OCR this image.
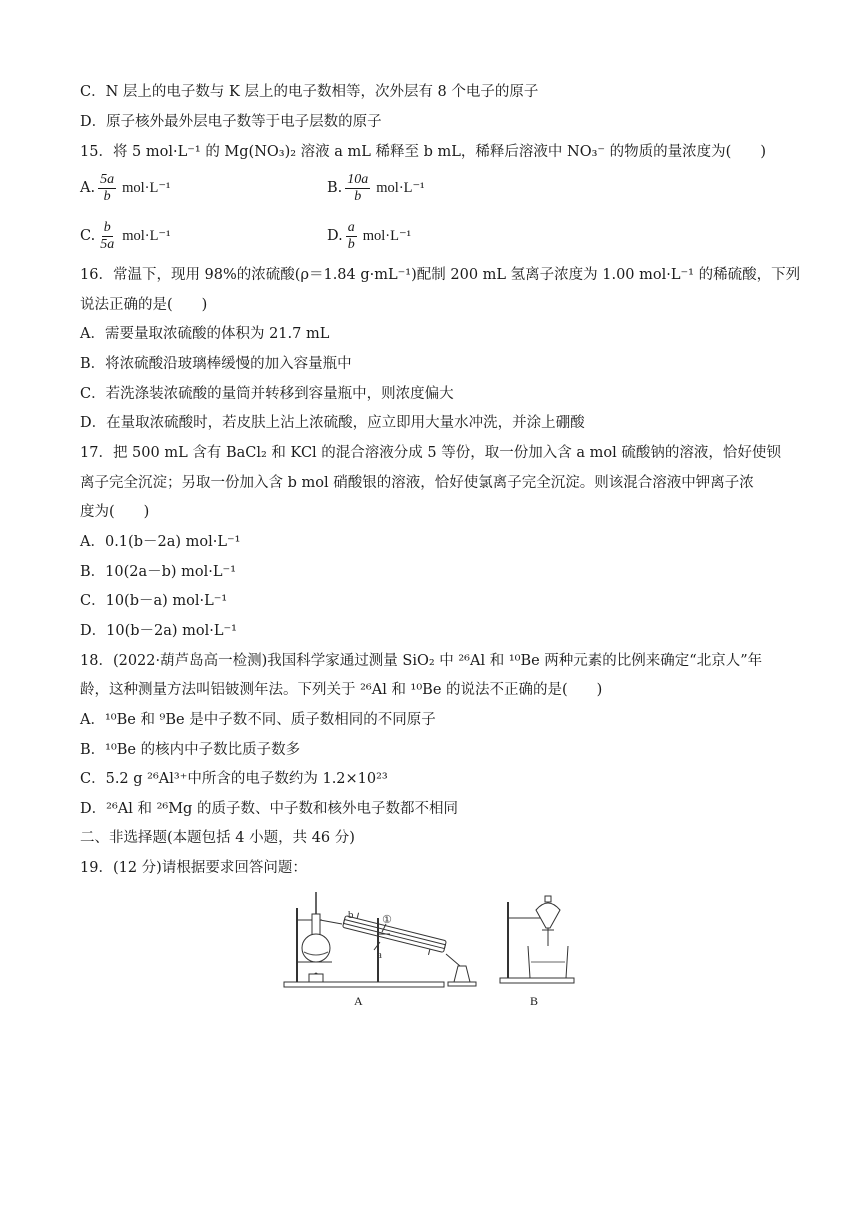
C．N 层上的电子数与 K 层上的电子数相等，次外层有 8 个电子的原子
D．原子核外最外层电子数等于电子层数的原子
15．将 5 mol·L⁻¹ 的 Mg(NO₃)₂ 溶液 a mL 稀释至 b mL，稀释后溶液中 NO₃⁻ 的物质的量浓度为(　　)
A. $\frac{5a}{b} mol\cdot L^{-1}$	B. $\frac{10a}{b} mol\cdot L^{-1}$
C. $\frac{b}{5a} mol\cdot L^{-1}$	D. $\frac{a}{b} mol\cdot L^{-1}$
16．常温下，现用 98%的浓硫酸(ρ＝1.84 g·mL⁻¹)配制 200 mL 氢离子浓度为 1.00 mol·L⁻¹ 的稀硫酸，下列
说法正确的是(　　)
A．需要量取浓硫酸的体积为 21.7 mL
B．将浓硫酸沿玻璃棒缓慢的加入容量瓶中
C．若洗涤装浓硫酸的量筒并转移到容量瓶中，则浓度偏大
D．在量取浓硫酸时，若皮肤上沾上浓硫酸，应立即用大量水冲洗，并涂上硼酸
17．把 500 mL 含有 BaCl₂ 和 KCl 的混合溶液分成 5 等份，取一份加入含 a mol 硫酸钠的溶液，恰好使钡
离子完全沉淀；另取一份加入含 b mol 硝酸银的溶液，恰好使氯离子完全沉淀。则该混合溶液中钾离子浓
度为(　　)
A．0.1(b－2a) mol·L⁻¹
B．10(2a－b) mol·L⁻¹
C．10(b－a) mol·L⁻¹
D．10(b－2a) mol·L⁻¹
18．(2022·葫芦岛高一检测)我国科学家通过测量 SiO₂ 中 ²⁶Al 和 ¹⁰Be 两种元素的比例来确定“北京人”年
龄，这种测量方法叫铝铍测年法。下列关于 ²⁶Al 和 ¹⁰Be 的说法不正确的是(　　)
A．¹⁰Be 和 ⁹Be 是中子数不同、质子数相同的不同原子
B．¹⁰Be 的核内中子数比质子数多
C．5.2 g ²⁶Al³⁺中所含的电子数约为 1.2×10²³
D．²⁶Al 和 ²⁶Mg 的质子数、中子数和核外电子数都不相同
二、非选择题(本题包括 4 小题，共 46 分)
19．(12 分)请根据要求回答问题：
b
a
①
A	B
